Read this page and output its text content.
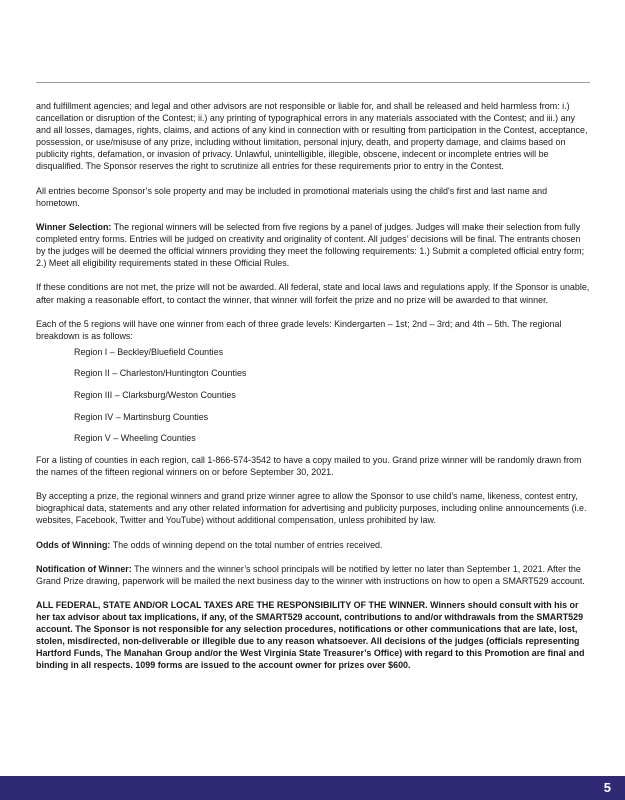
and fulfillment agencies; and legal and other advisors are not responsible or liable for, and shall be released and held harmless from: i.) cancellation or disruption of the Contest; ii.) any printing of typographical errors in any materials associated with the Contest; and iii.) any and all losses, damages, rights, claims, and actions of any kind in connection with or resulting from participation in the Contest, acceptance, possession, or use/misuse of any prize, including without limitation, personal injury, death, and property damage, and claims based on publicity rights, defamation, or invasion of privacy. Unlawful, unintelligible, illegible, obscene, indecent or incomplete entries will be disqualified. The Sponsor reserves the right to scrutinize all entries for these requirements prior to entry in the Contest.

All entries become Sponsor’s sole property and may be included in promotional materials using the child's first and last name and hometown.

Winner Selection: The regional winners will be selected from five regions by a panel of judges. Judges will make their selection from fully completed entry forms. Entries will be judged on creativity and originality of content. All judges’ decisions will be final. The entrants chosen by the judges will be deemed the official winners providing they meet the following requirements: 1.) Submit a completed official entry form; 2.) Meet all eligibility requirements stated in these Official Rules.

If these conditions are not met, the prize will not be awarded. All federal, state and local laws and regulations apply. If the Sponsor is unable, after making a reasonable effort, to contact the winner, that winner will forfeit the prize and no prize will be awarded to that winner.

Each of the 5 regions will have one winner from each of three grade levels: Kindergarten – 1st; 2nd – 3rd; and 4th – 5th. The regional breakdown is as follows:

Region I – Beckley/Bluefield Counties
Region II – Charleston/Huntington Counties
Region III – Clarksburg/Weston Counties
Region IV – Martinsburg Counties
Region V – Wheeling Counties

For a listing of counties in each region, call 1-866-574-3542 to have a copy mailed to you. Grand prize winner will be randomly drawn from the names of the fifteen regional winners on or before September 30, 2021.

By accepting a prize, the regional winners and grand prize winner agree to allow the Sponsor to use child’s name, likeness, contest entry, biographical data, statements and any other related information for advertising and publicity purposes, including online announcements (i.e. websites, Facebook, Twitter and YouTube) without additional compensation, unless prohibited by law.

Odds of Winning: The odds of winning depend on the total number of entries received.

Notification of Winner: The winners and the winner’s school principals will be notified by letter no later than September 1, 2021. After the Grand Prize drawing, paperwork will be mailed the next business day to the winner with instructions on how to open a SMART529 account.

ALL FEDERAL, STATE AND/OR LOCAL TAXES ARE THE RESPONSIBILITY OF THE WINNER. Winners should consult with his or her tax advisor about tax implications, if any, of the SMART529 account, contributions to and/or withdrawals from the SMART529 account. The Sponsor is not responsible for any selection procedures, notifications or other communications that are late, lost, stolen, misdirected, non-deliverable or illegible due to any reason whatsoever. All decisions of the judges (officials representing Hartford Funds, The Manahan Group and/or the West Virginia State Treasurer’s Office) with regard to this Promotion are final and binding in all respects. 1099 forms are issued to the account owner for prizes over $600.

5
